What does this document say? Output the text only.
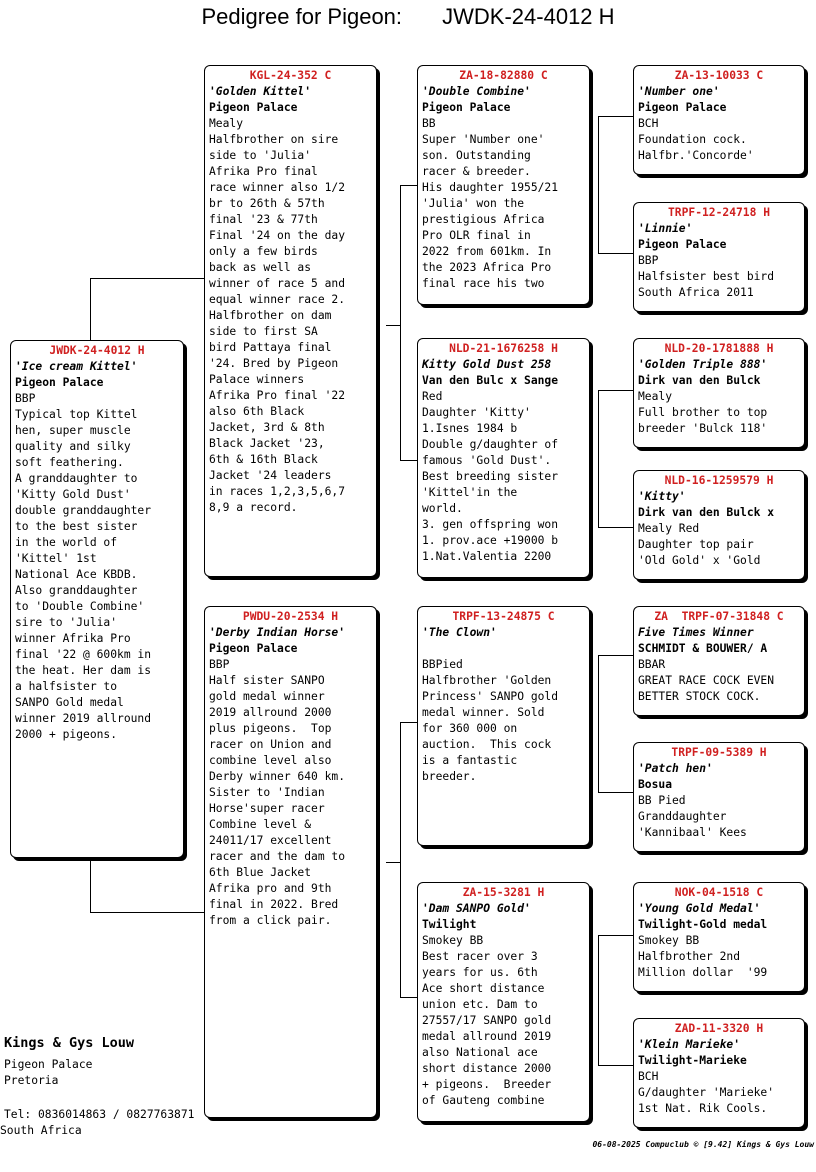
Pedigree for Pigeon: JWDK-24-4012 H
JWDK-24-4012 H
'Ice cream Kittel'
Pigeon Palace
BBP
Typical top Kittel
hen, super muscle
quality and silky
soft feathering.
A granddaughter to
'Kitty Gold Dust'
double granddaughter
to the best sister
in the world of
'Kittel' 1st
National Ace KBDB.
Also granddaughter
to 'Double Combine'
sire to 'Julia'
winner Afrika Pro
final '22 @ 600km in
the heat. Her dam is
a halfsister to
SANPO Gold medal
winner 2019 allround
2000 + pigeons.
KGL-24-352 C
'Golden Kittel'
Pigeon Palace
Mealy
Halfbrother on sire
side to 'Julia'
Afrika Pro final
race winner also 1/2
br to 26th & 57th
final '23 & 77th
Final '24 on the day
only a few birds
back as well as
winner of race 5 and
equal winner race 2.
Halfbrother on dam
side to first SA
bird Pattaya final
'24. Bred by Pigeon
Palace winners
Afrika Pro final '22
also 6th Black
Jacket, 3rd & 8th
Black Jacket '23,
6th & 16th Black
Jacket '24 leaders
in races 1,2,3,5,6,7
8,9 a record.
PWDU-20-2534 H
'Derby Indian Horse'
Pigeon Palace
BBP
Half sister SANPO
gold medal winner
2019 allround 2000
plus pigeons.  Top
racer on Union and
combine level also
Derby winner 640 km.
Sister to 'Indian
Horse'super racer
Combine level &
24011/17 excellent
racer and the dam to
6th Blue Jacket
Afrika pro and 9th
final in 2022. Bred
from a click pair.
ZA-18-82880 C
'Double Combine'
Pigeon Palace
BB
Super 'Number one'
son. Outstanding
racer & breeder.
His daughter 1955/21
'Julia' won the
prestigious Africa
Pro OLR final in
2022 from 601km. In
the 2023 Africa Pro
final race his two
NLD-21-1676258 H
Kitty Gold Dust 258
Van den Bulc x Sange
Red
Daughter 'Kitty'
1.Isnes 1984 b
Double g/daughter of
famous 'Gold Dust'.
Best breeding sister
'Kittel'in the
world.
3. gen offspring won
1. prov.ace +19000 b
1.Nat.Valentia 2200
TRPF-13-24875 C
'The Clown'
BBPied
Halfbrother 'Golden
Princess' SANPO gold
medal winner. Sold
for 360 000 on
auction.  This cock
is a fantastic
breeder.
ZA-15-3281 H
'Dam SANPO Gold'
Twilight
Smokey BB
Best racer over 3
years for us. 6th
Ace short distance
union etc. Dam to
27557/17 SANPO gold
medal allround 2019
also National ace
short distance 2000
+ pigeons.  Breeder
of Gauteng combine
ZA-13-10033 C
'Number one'
Pigeon Palace
BCH
Foundation cock.
Halfbr.'Concorde'
TRPF-12-24718 H
'Linnie'
Pigeon Palace
BBP
Halfsister best bird
South Africa 2011
NLD-20-1781888 H
'Golden Triple 888'
Dirk van den Bulck
Mealy
Full brother to top
breeder 'Bulck 118'
NLD-16-1259579 H
'Kitty'
Dirk van den Bulck x
Mealy Red
Daughter top pair
'Old Gold' x 'Gold
ZA  TRPF-07-31848 C
Five Times Winner
SCHMIDT & BOUWER/ A
BBAR
GREAT RACE COCK EVEN
BETTER STOCK COCK.
TRPF-09-5389 H
'Patch hen'
Bosua
BB Pied
Granddaughter
'Kannibaal' Kees
NOK-04-1518 C
'Young Gold Medal'
Twilight-Gold medal
Smokey BB
Halfbrother 2nd
Million dollar  '99
ZAD-11-3320 H
'Klein Marieke'
Twilight-Marieke
BCH
G/daughter 'Marieke'
1st Nat. Rik Cools.
Kings & Gys Louw
Pigeon Palace
Pretoria
Tel: 0836014863 / 0827763871
South Africa
06-08-2025 Compuclub © [9.42] Kings & Gys Louw
